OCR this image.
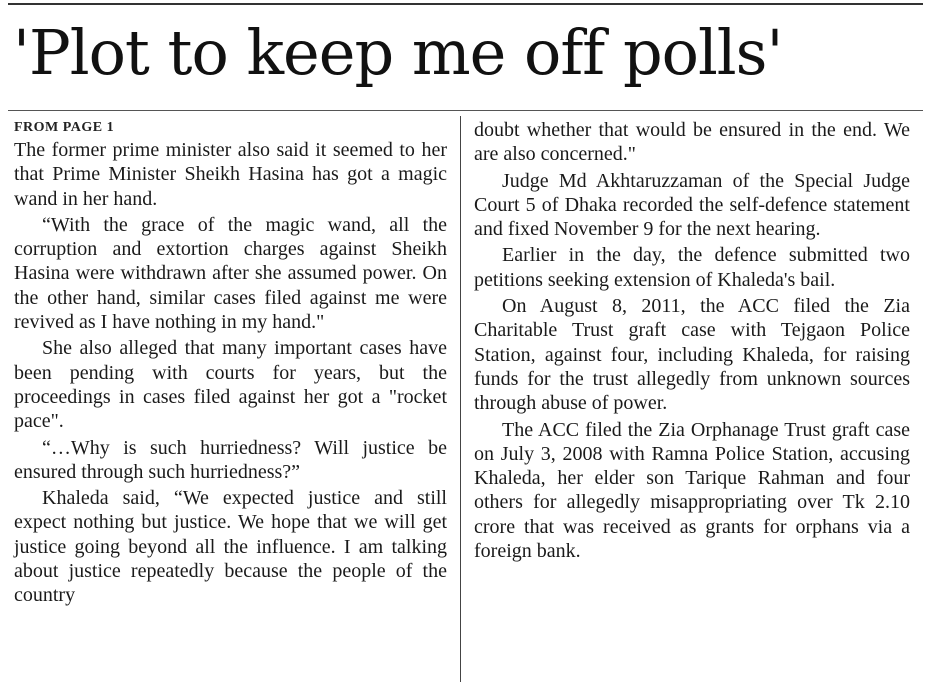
'Plot to keep me off polls'
FROM PAGE 1

The former prime minister also said it seemed to her that Prime Minister Sheikh Hasina has got a magic wand in her hand.

“With the grace of the magic wand, all the corruption and extortion charges against Sheikh Hasina were withdrawn after she assumed power. On the other hand, similar cases filed against me were revived as I have nothing in my hand."

She also alleged that many important cases have been pending with courts for years, but the proceedings in cases filed against her got a "rocket pace".

“…Why is such hurriedness? Will justice be ensured through such hurriedness?”

Khaleda said, “We expected justice and still expect nothing but justice. We hope that we will get justice going beyond all the influence. I am talking about justice repeatedly because the people of the country

doubt whether that would be ensured in the end. We are also concerned."

Judge Md Akhtaruzzaman of the Special Judge Court 5 of Dhaka recorded the self-defence statement and fixed November 9 for the next hearing.

Earlier in the day, the defence submitted two petitions seeking extension of Khaleda's bail.

On August 8, 2011, the ACC filed the Zia Charitable Trust graft case with Tejgaon Police Station, against four, including Khaleda, for raising funds for the trust allegedly from unknown sources through abuse of power.

The ACC filed the Zia Orphanage Trust graft case on July 3, 2008 with Ramna Police Station, accusing Khaleda, her elder son Tarique Rahman and four others for allegedly misappropriating over Tk 2.10 crore that was received as grants for orphans via a foreign bank.
